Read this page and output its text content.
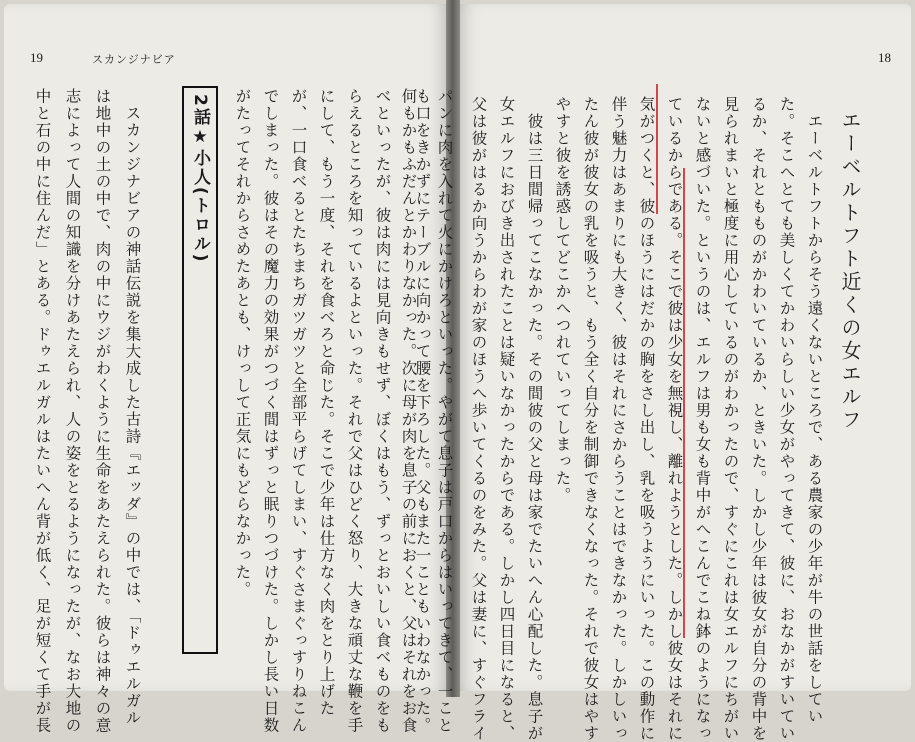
19	スカンジナビア
2話★小人(トロル)
中と石の中に住んだ」とある。ドゥエルガルはたいへん背が低く、足が短くて手が長 志によって人間の知識を分けあたえられ、人の姿をとるようになったが、なお大地の は地中の土の中で、肉の中にウジがわくように生命をあたえられた。彼らは神々の意 　スカンジナビアの神話伝説を集大成した古詩『エッダ』の中では、「ドゥエルガル	がたってそれからさめたあとも、けっして正気にもどらなかった。 でしまった。彼はその魔力の効果がつづく間はずっと眠りつづけた。しかし長い日数 が、一口食べるとたちまちガツガツと全部平らげてしまい、すぐさまぐっすりねこん にして、もう一度、それを食べろと命じた。そこで少年は仕方なく肉をとり上げた らえるところを知っているよといった。それで父はひどく怒り、大きな頑丈な鞭を手 べといったが、彼は肉には見向きもせず、ぼくはもう、ずっとおいしい食べものをも 何もかもふだんとかわりなかった。次に母が肉を息子の前におくと、父はそれをお食
も口をきかずにテーブルに向かって腰を下ろした。父もまた一こともいわなかった。 パンに肉を入れて火にかけろといった。やがて息子は戸口からはいってきて、一こと
18
エーベルトフト近くの女エルフ
　エーベルトフトからそう遠くないところで、ある農家の少年が牛の世話をしてい
た。そこへとても美しくてかわいらしい少女がやってきて、彼に、おなかがすいてい
るか、それともものがかわいているか、ときいた。しかし少年は彼女が自分の背中を
見られまいと極度に用心しているのがわかったので、すぐにこれは女エルフにちがい
ないと感づいた。というのは、エルフは男も女も背中がへこんでこね鉢のようになっ
ているからである。そこで彼は少女を無視し、離れようとした。しかし彼女はそれに
気がつくと、彼のほうにはだかの胸をさし出し、乳を吸うようにいった。この動作に
伴う魅力はあまりにも大きく、彼はそれにさからうことはできなかった。しかしいっ
たん彼が彼女の乳を吸うと、もう全く自分を制御できなくなった。それで彼女はやす
やすと彼を誘惑してどこかへつれていってしまった。
　彼は三日間帰ってこなかった。その間彼の父と母は家でたいへん心配した。息子が
女エルフにおびき出されたことは疑いなかったからである。しかし四日目になると、
父は彼がはるか向うからわが家のほうへ歩いてくるのをみた。父は妻に、すぐフライ
